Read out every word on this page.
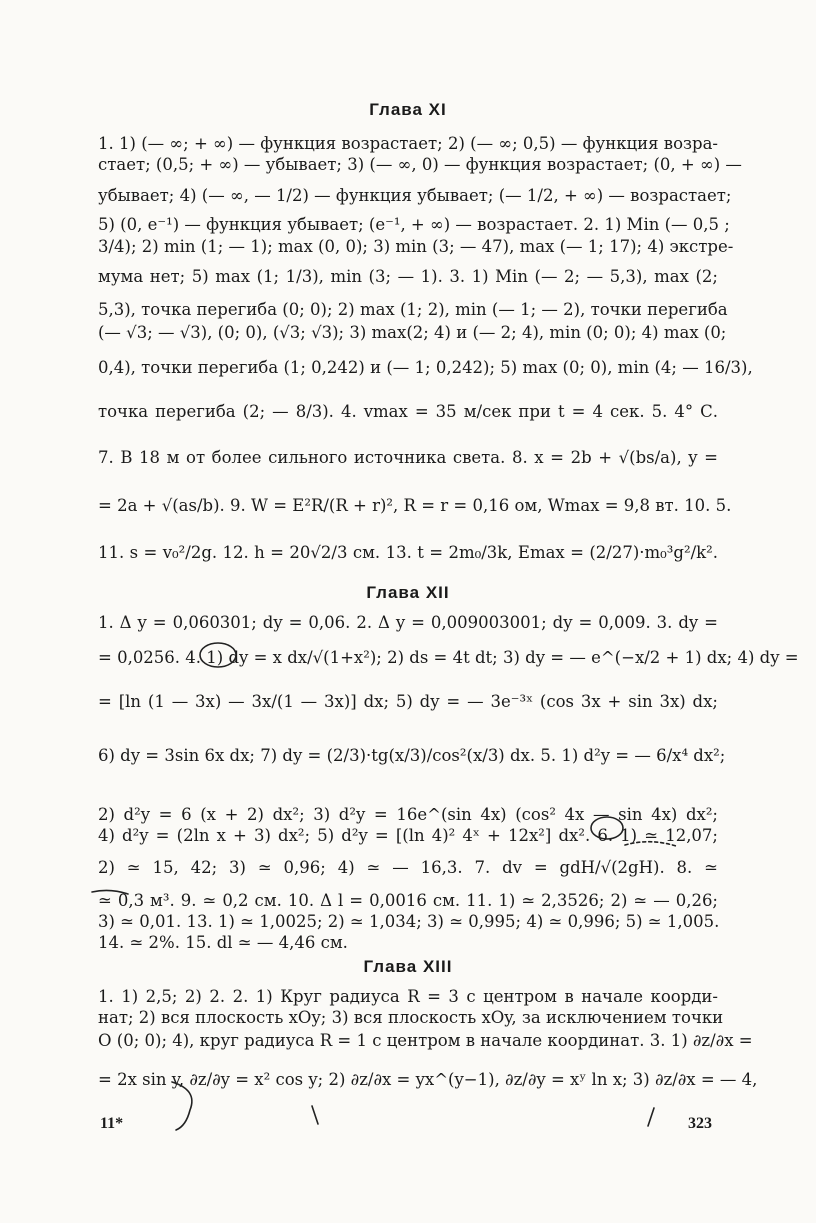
Глава XI
1. 1) (— ∞; + ∞) — функция возрастает; 2) (— ∞; 0,5) — функция возра-
стает; (0,5; + ∞) — убывает; 3) (— ∞, 0) — функция возрастает; (0, + ∞) —
убывает; 4) (— ∞, — 1/2) — функция убывает; (— 1/2, + ∞) — возрастает;
5) (0, e⁻¹) — функция убывает; (e⁻¹, + ∞) — возрастает. 2. 1) Min (— 0,5 ;
3/4); 2) min (1; — 1); max (0, 0); 3) min (3; — 47), max (— 1; 17); 4) экстре-
мума нет; 5) max (1; 1/3), min (3; — 1). 3. 1) Min (— 2; — 5,3), max (2;
5,3), точка перегиба (0; 0); 2) max (1; 2), min (— 1; — 2), точки перегиба
(— √3; — √3), (0; 0), (√3; √3); 3) max(2; 4) и (— 2; 4), min (0; 0); 4) max (0;
0,4), точки перегиба (1; 0,242) и (— 1; 0,242); 5) max (0; 0), min (4; — 16/3),
точка перегиба (2; — 8/3). 4. vmax = 35 м/сек при t = 4 сек. 5. 4° С.
7. В 18 м от более сильного источника света. 8. x = 2b + √(bs/a), y =
= 2a + √(as/b). 9. W = E²R/(R + r)², R = r = 0,16 ом, Wmax = 9,8 вт. 10. 5.
11. s = v₀²/2g. 12. h = 20√2/3 см. 13. t = 2m₀/3k, Emax = (2/27)·m₀³g²/k².
Глава XII
1. Δ y = 0,060301; dy = 0,06. 2. Δ y = 0,009003001; dy = 0,009. 3. dy =
= 0,0256. 4. 1) dy = x dx/√(1+x²); 2) ds = 4t dt; 3) dy = — e^(−x/2 + 1) dx; 4) dy =
= [ln (1 — 3x) — 3x/(1 — 3x)] dx; 5) dy = — 3e⁻³ˣ (cos 3x + sin 3x) dx;
6) dy = 3sin 6x dx; 7) dy = (2/3)·tg(x/3)/cos²(x/3) dx. 5. 1) d²y = — 6/x⁴ dx²;
2) d²y = 6 (x + 2) dx²; 3) d²y = 16e^(sin 4x) (cos² 4x — sin 4x) dx²;
4) d²y = (2ln x + 3) dx²; 5) d²y = [(ln 4)² 4ˣ + 12x²] dx². 6. 1) ≃ 12,07;
2) ≃ 15, 42; 3) ≃ 0,96; 4) ≃ — 16,3. 7. dv = gdH/√(2gH). 8. ≃
≃ 0,3 м³. 9. ≃ 0,2 см. 10. Δ l = 0,0016 см. 11. 1) ≃ 2,3526; 2) ≃ — 0,26;
3) ≃ 0,01. 13. 1) ≃ 1,0025; 2) ≃ 1,034; 3) ≃ 0,995; 4) ≃ 0,996; 5) ≃ 1,005.
14. ≃ 2%. 15. dl ≃ — 4,46 см.
Глава XIII
1. 1) 2,5; 2) 2. 2. 1) Круг радиуса R = 3 с центром в начале коорди-
нат; 2) вся плоскость xOy; 3) вся плоскость xOy, за исключением точки
O (0; 0); 4), круг радиуса R = 1 с центром в начале координат. 3. 1) ∂z/∂x =
= 2x sin y, ∂z/∂y = x² cos y; 2) ∂z/∂x = yx^(y−1), ∂z/∂y = xʸ ln x; 3) ∂z/∂x = — 4,
11*	323
